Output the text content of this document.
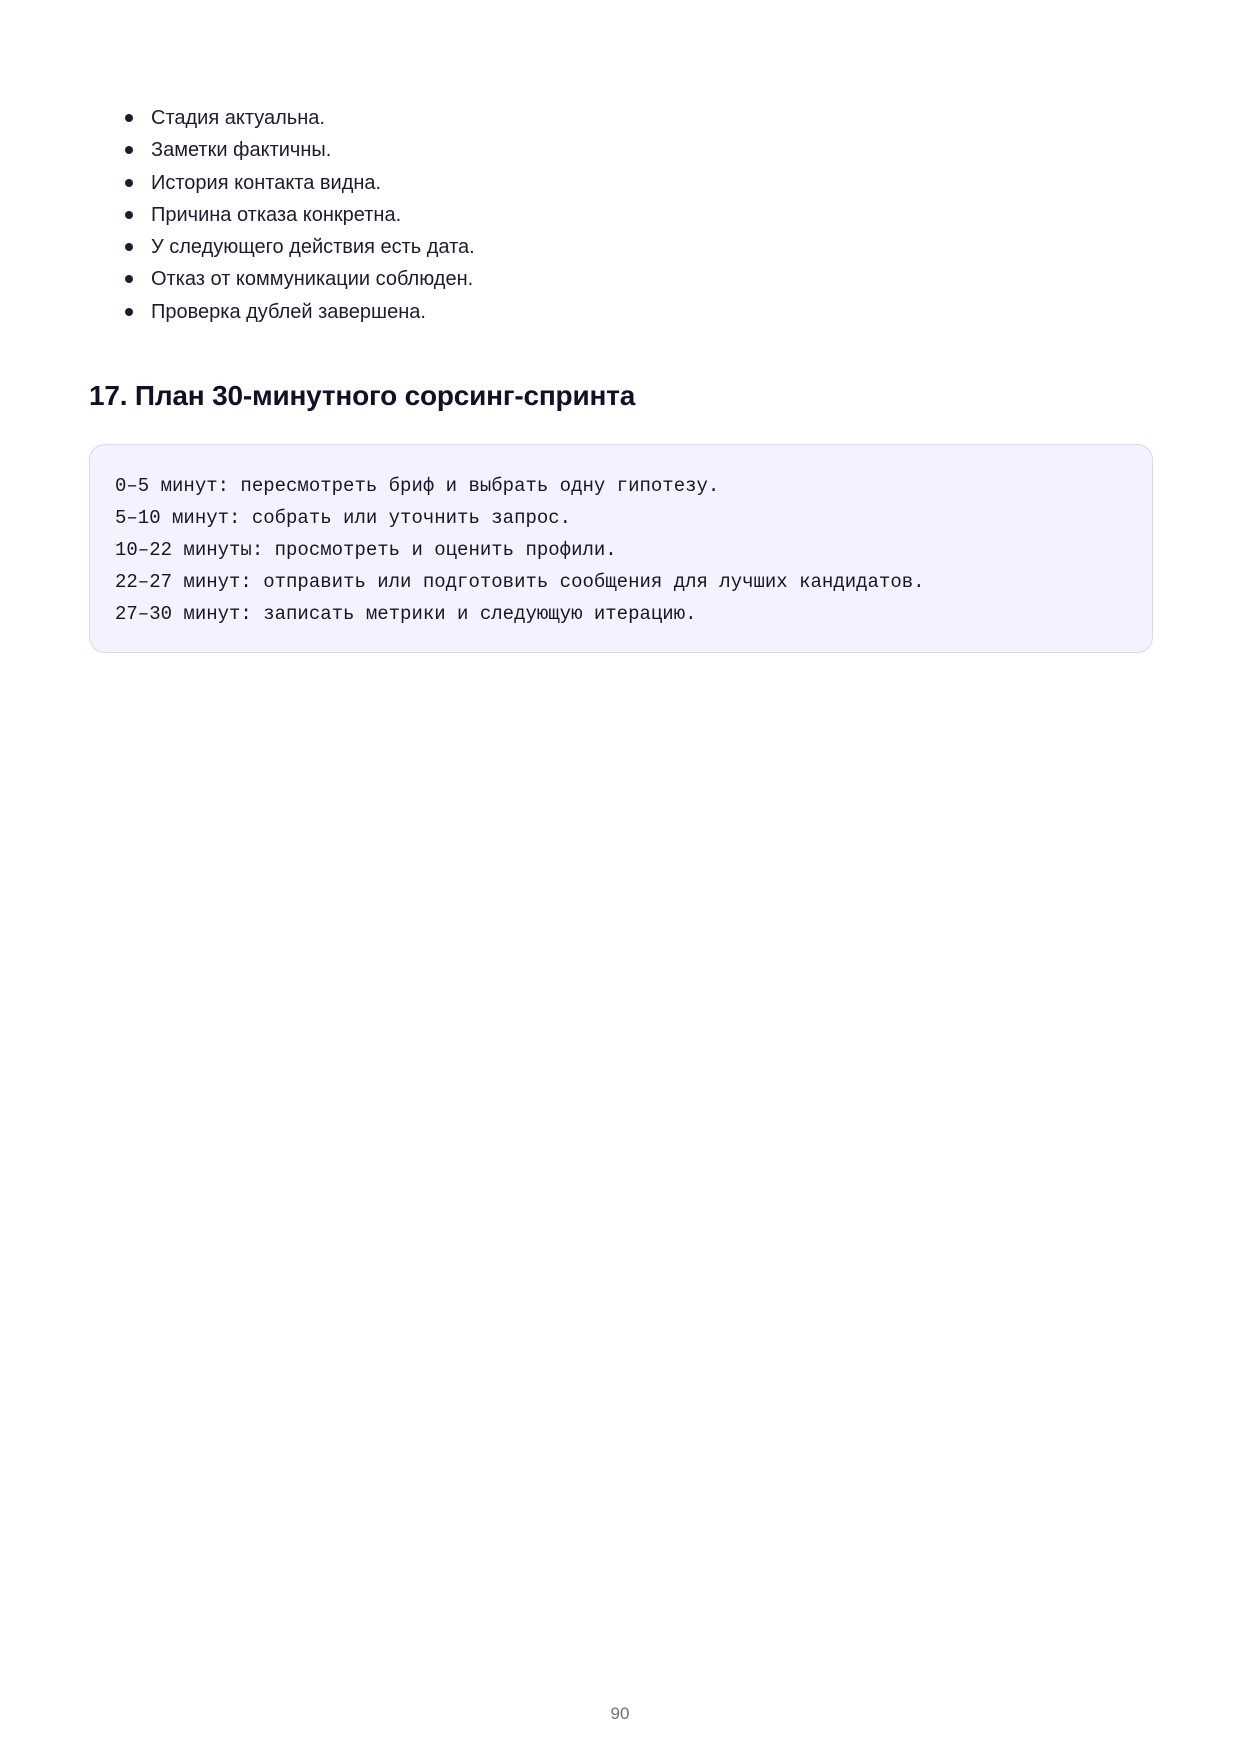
Стадия актуальна.
Заметки фактичны.
История контакта видна.
Причина отказа конкретна.
У следующего действия есть дата.
Отказ от коммуникации соблюден.
Проверка дублей завершена.
17. План 30-минутного сорсинг-спринта
0–5 минут: пересмотреть бриф и выбрать одну гипотезу.
5–10 минут: собрать или уточнить запрос.
10–22 минуты: просмотреть и оценить профили.
22–27 минут: отправить или подготовить сообщения для лучших кандидатов.
27–30 минут: записать метрики и следующую итерацию.
90
